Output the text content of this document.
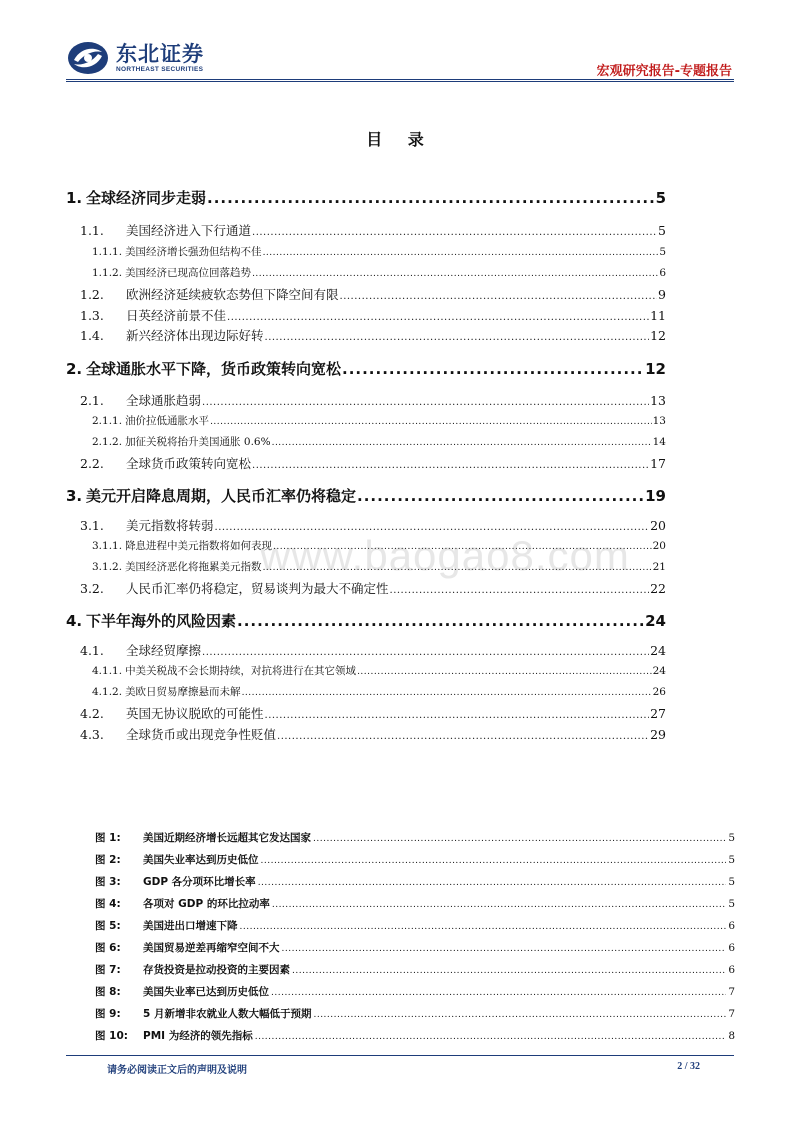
东北证券
NORTHEAST SECURITIES	宏观研究报告-专题报告
目 录
1. 全球经济同步走弱 .....	5
1.1.	美国经济进入下行通道 .....	5
1.1.1. 美国经济增长强劲但结构不佳 .....	5
1.1.2. 美国经济已现高位回落趋势 .....	6
1.2.	欧洲经济延续疲软态势但下降空间有限 .....	9
1.3.	日英经济前景不佳 .....	11
1.4.	新兴经济体出现边际好转 .....	12
2. 全球通胀水平下降，货币政策转向宽松 .....	12
2.1.	全球通胀趋弱 .....	13
2.1.1. 油价拉低通胀水平 .....	13
2.1.2. 加征关税将抬升美国通胀 0.6% .....	14
2.2.	全球货币政策转向宽松 .....	17
3. 美元开启降息周期，人民币汇率仍将稳定 .....	19
3.1.	美元指数将转弱 .....	20
3.1.1. 降息进程中美元指数将如何表现 .....	20
3.1.2. 美国经济恶化将拖累美元指数 .....	21
3.2.	人民币汇率仍将稳定，贸易谈判为最大不确定性 .....	22
4. 下半年海外的风险因素 .....	24
4.1.	全球经贸摩擦 .....	24
4.1.1. 中美关税战不会长期持续，对抗将进行在其它领域 .....	24
4.1.2. 美欧日贸易摩擦悬而未解 .....	26
4.2.	英国无协议脱欧的可能性 .....	27
4.3.	全球货币或出现竞争性贬值 .....	29
www.baogao8.com
图 1:	美国近期经济增长远超其它发达国家 .....	5
图 2:	美国失业率达到历史低位 .....	5
图 3:	GDP 各分项环比增长率 .....	5
图 4:	各项对 GDP 的环比拉动率 .....	5
图 5:	美国进出口增速下降 .....	6
图 6:	美国贸易逆差再缩窄空间不大 .....	6
图 7:	存货投资是拉动投资的主要因素 .....	6
图 8:	美国失业率已达到历史低位 .....	7
图 9:	5 月新增非农就业人数大幅低于预期 .....	7
图 10:	PMI 为经济的领先指标 .....	8
请务必阅读正文后的声明及说明	2 / 32
